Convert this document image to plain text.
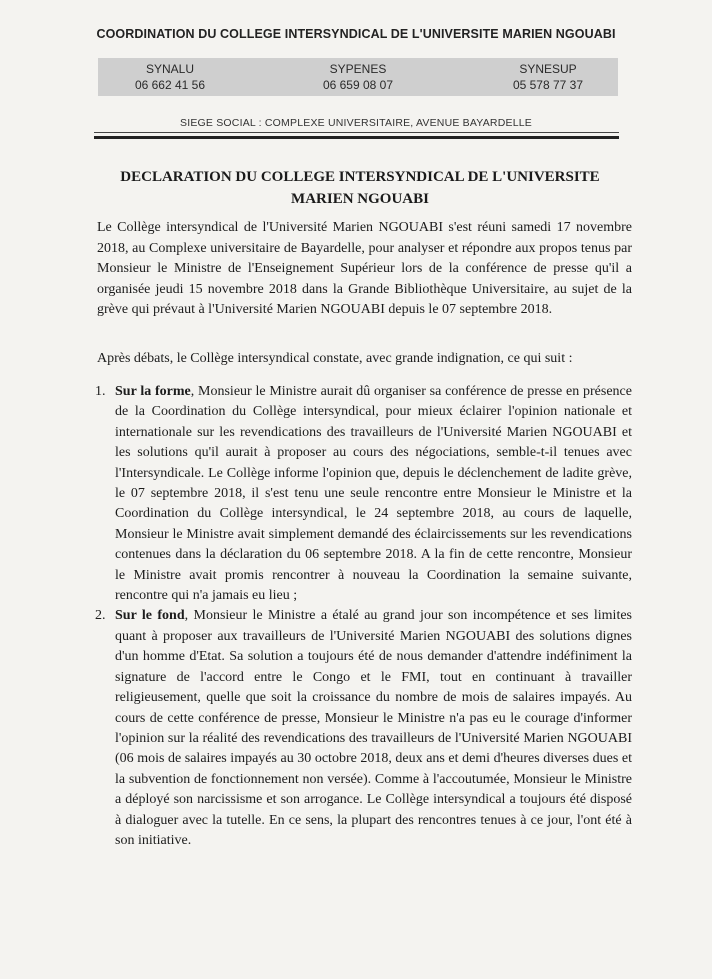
COORDINATION DU COLLEGE INTERSYNDICAL DE L'UNIVERSITE MARIEN NGOUABI
SYNALU
06 662 41 56
SYPENES
06 659 08 07
SYNESUP
05 578 77 37
SIEGE SOCIAL : COMPLEXE UNIVERSITAIRE, AVENUE BAYARDELLE
DECLARATION DU COLLEGE INTERSYNDICAL DE L'UNIVERSITE MARIEN NGOUABI
Le Collège intersyndical de l'Université Marien NGOUABI s'est réuni samedi 17 novembre 2018, au Complexe universitaire de Bayardelle, pour analyser et répondre aux propos tenus par Monsieur le Ministre de l'Enseignement Supérieur lors de la conférence de presse qu'il a organisée jeudi 15 novembre 2018 dans la Grande Bibliothèque Universitaire, au sujet de la grève qui prévaut à l'Université Marien NGOUABI depuis le 07 septembre 2018.
Après débats, le Collège intersyndical constate, avec grande indignation, ce qui suit :
1. Sur la forme, Monsieur le Ministre aurait dû organiser sa conférence de presse en présence de la Coordination du Collège intersyndical, pour mieux éclairer l'opinion nationale et internationale sur les revendications des travailleurs de l'Université Marien NGOUABI et les solutions qu'il aurait à proposer au cours des négociations, semble-t-il tenues avec l'Intersyndicale. Le Collège informe l'opinion que, depuis le déclenchement de ladite grève, le 07 septembre 2018, il s'est tenu une seule rencontre entre Monsieur le Ministre et la Coordination du Collège intersyndical, le 24 septembre 2018, au cours de laquelle, Monsieur le Ministre avait simplement demandé des éclaircissements sur les revendications contenues dans la déclaration du 06 septembre 2018. A la fin de cette rencontre, Monsieur le Ministre avait promis rencontrer à nouveau la Coordination la semaine suivante, rencontre qui n'a jamais eu lieu ;
2. Sur le fond, Monsieur le Ministre a étalé au grand jour son incompétence et ses limites quant à proposer aux travailleurs de l'Université Marien NGOUABI des solutions dignes d'un homme d'Etat. Sa solution a toujours été de nous demander d'attendre indéfiniment la signature de l'accord entre le Congo et le FMI, tout en continuant à travailler religieusement, quelle que soit la croissance du nombre de mois de salaires impayés. Au cours de cette conférence de presse, Monsieur le Ministre n'a pas eu le courage d'informer l'opinion sur la réalité des revendications des travailleurs de l'Université Marien NGOUABI (06 mois de salaires impayés au 30 octobre 2018, deux ans et demi d'heures diverses dues et la subvention de fonctionnement non versée). Comme à l'accoutumée, Monsieur le Ministre a déployé son narcissisme et son arrogance. Le Collège intersyndical a toujours été disposé à dialoguer avec la tutelle. En ce sens, la plupart des rencontres tenues à ce jour, l'ont été à son initiative.
